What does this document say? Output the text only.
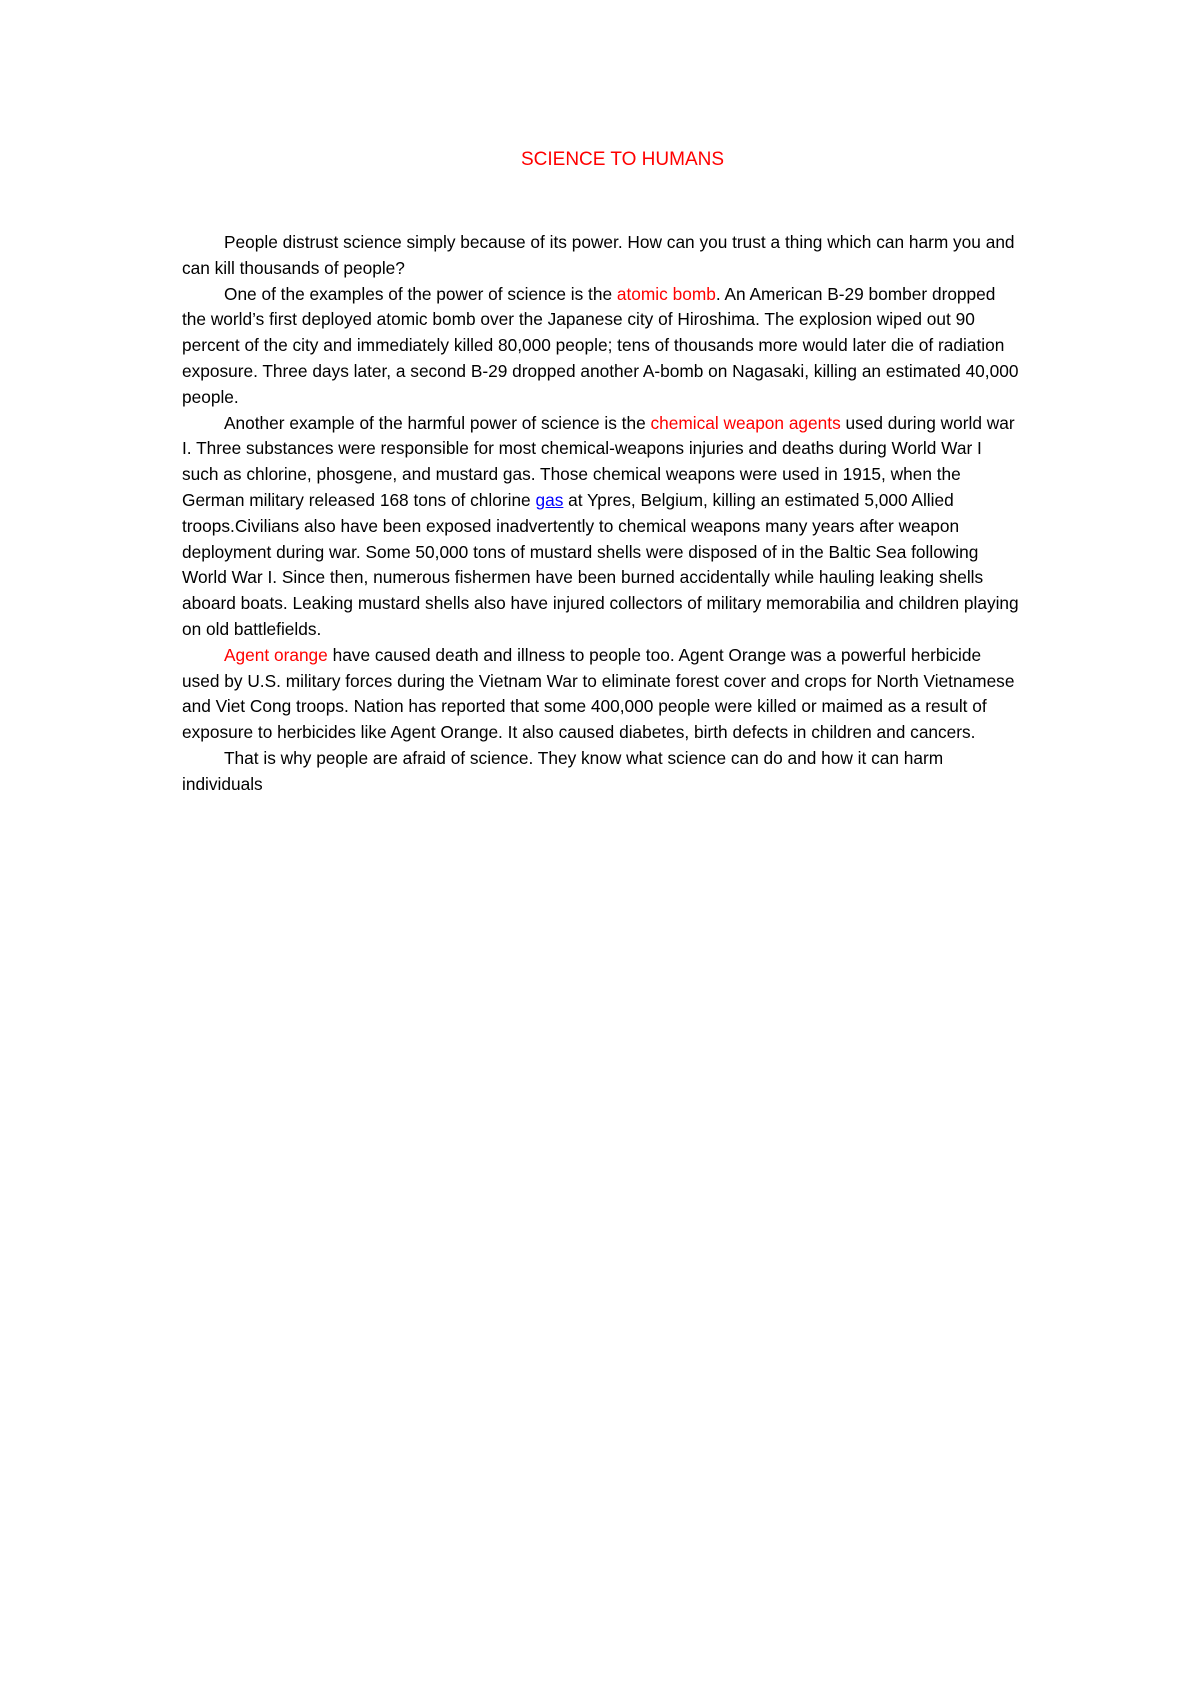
SCIENCE TO HUMANS

People distrust science simply because of its power. How can you trust a thing which can harm you and can kill thousands of people?

One of the examples of the power of science is the atomic bomb. An American B-29 bomber dropped the world’s first deployed atomic bomb over the Japanese city of Hiroshima. The explosion wiped out 90 percent of the city and immediately killed 80,000 people; tens of thousands more would later die of radiation exposure. Three days later, a second B-29 dropped another A-bomb on Nagasaki, killing an estimated 40,000 people.

Another example of the harmful power of science is the chemical weapon agents used during world war I. Three substances were responsible for most chemical-weapons injuries and deaths during World War I such as chlorine, phosgene, and mustard gas. Those chemical weapons were used in 1915, when the German military released 168 tons of chlorine gas at Ypres, Belgium, killing an estimated 5,000 Allied troops.Civilians also have been exposed inadvertently to chemical weapons many years after weapon deployment during war. Some 50,000 tons of mustard shells were disposed of in the Baltic Sea following World War I. Since then, numerous fishermen have been burned accidentally while hauling leaking shells aboard boats. Leaking mustard shells also have injured collectors of military memorabilia and children playing on old battlefields.

Agent orange have caused death and illness to people too. Agent Orange was a powerful herbicide used by U.S. military forces during the Vietnam War to eliminate forest cover and crops for North Vietnamese and Viet Cong troops. Nation has reported that some 400,000 people were killed or maimed as a result of exposure to herbicides like Agent Orange. It also caused diabetes, birth defects in children and cancers.

That is why people are afraid of science. They know what science can do and how it can harm individuals
